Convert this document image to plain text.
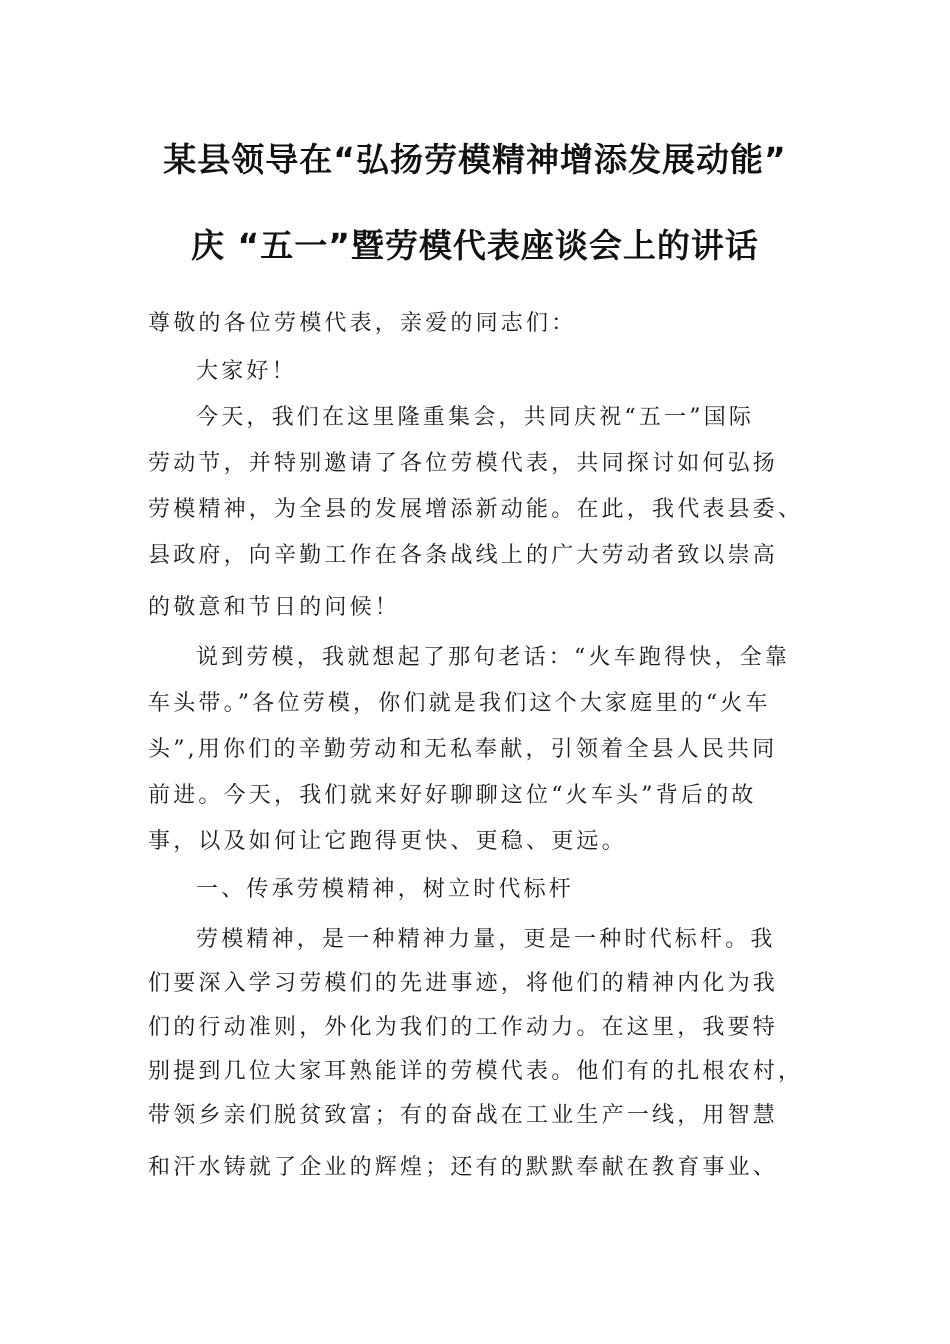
某县领导在“弘扬劳模精神增添发展动能”
庆 “五一”暨劳模代表座谈会上的讲话

尊敬的各位劳模代表，亲爱的同志们：

大家好！

今天，我们在这里隆重集会，共同庆祝“五一”国际

劳动节，并特别邀请了各位劳模代表，共同探讨如何弘扬

劳模精神，为全县的发展增添新动能。在此，我代表县委、

县政府，向辛勤工作在各条战线上的广大劳动者致以崇高

的敬意和节日的问候！

说到劳模，我就想起了那句老话：“火车跑得快，全靠

车头带。”各位劳模，你们就是我们这个大家庭里的“火车

头”,用你们的辛勤劳动和无私奉献，引领着全县人民共同

前进。今天，我们就来好好聊聊这位“火车头”背后的故

事，以及如何让它跑得更快、更稳、更远。

一、传承劳模精神，树立时代标杆

劳模精神，是一种精神力量，更是一种时代标杆。我

们要深入学习劳模们的先进事迹，将他们的精神内化为我

们的行动准则，外化为我们的工作动力。在这里，我要特

别提到几位大家耳熟能详的劳模代表。他们有的扎根农村，

带领乡亲们脱贫致富；有的奋战在工业生产一线，用智慧

和汗水铸就了企业的辉煌；还有的默默奉献在教育事业、
